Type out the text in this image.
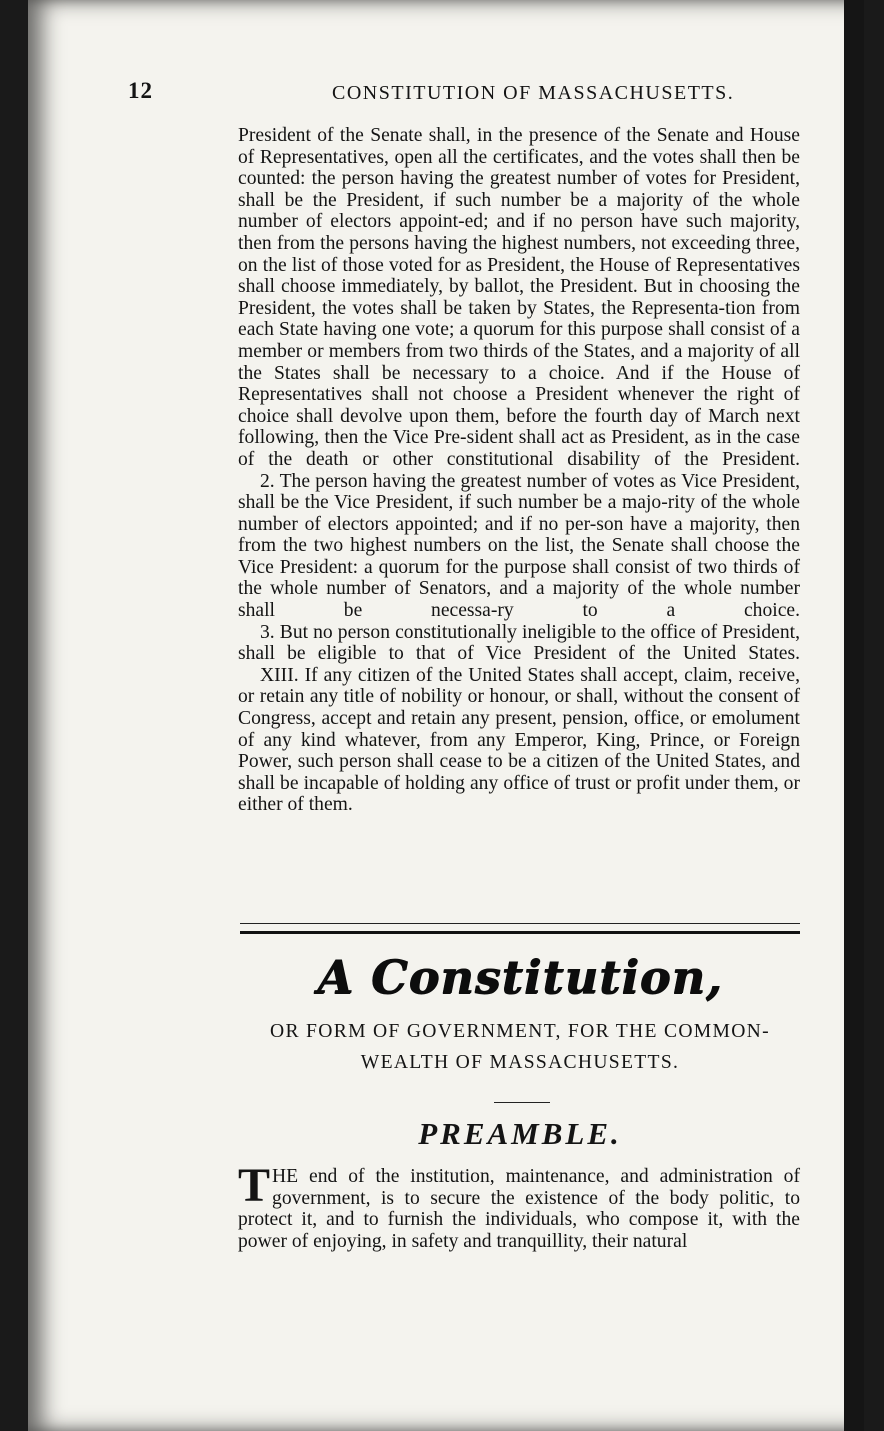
12	CONSTITUTION OF MASSACHUSETTS.

President of the Senate shall, in the presence of the Senate and House of Representatives, open all the certificates, and the votes shall then be counted: the person having the greatest number of votes for President, shall be the President, if such number be a majority of the whole number of electors appoint-ed; and if no person have such majority, then from the persons having the highest numbers, not exceeding three, on the list of those voted for as President, the House of Representatives shall choose immediately, by ballot, the President. But in choosing the President, the votes shall be taken by States, the Representa-tion from each State having one vote; a quorum for this purpose shall consist of a member or members from two thirds of the States, and a majority of all the States shall be necessary to a choice. And if the House of Representatives shall not choose a President whenever the right of choice shall devolve upon them, before the fourth day of March next following, then the Vice Pre-sident shall act as President, as in the case of the death or other constitutional disability of the President.

2. The person having the greatest number of votes as Vice President, shall be the Vice President, if such number be a majo-rity of the whole number of electors appointed; and if no per-son have a majority, then from the two highest numbers on the list, the Senate shall choose the Vice President: a quorum for the purpose shall consist of two thirds of the whole number of Senators, and a majority of the whole number shall be necessa-ry to a choice.

3. But no person constitutionally ineligible to the office of President, shall be eligible to that of Vice President of the United States.

XIII. If any citizen of the United States shall accept, claim, receive, or retain any title of nobility or honour, or shall, without the consent of Congress, accept and retain any present, pension, office, or emolument of any kind whatever, from any Emperor, King, Prince, or Foreign Power, such person shall cease to be a citizen of the United States, and shall be incapable of holding any office of trust or profit under them, or either of them.

A Constitution,
OR FORM OF GOVERNMENT, FOR THE COMMON-
WEALTH OF MASSACHUSETTS.
PREAMBLE.

THE end of the institution, maintenance, and administration of government, is to secure the existence of the body politic, to protect it, and to furnish the individuals, who compose it, with the power of enjoying, in safety and tranquillity, their natural
